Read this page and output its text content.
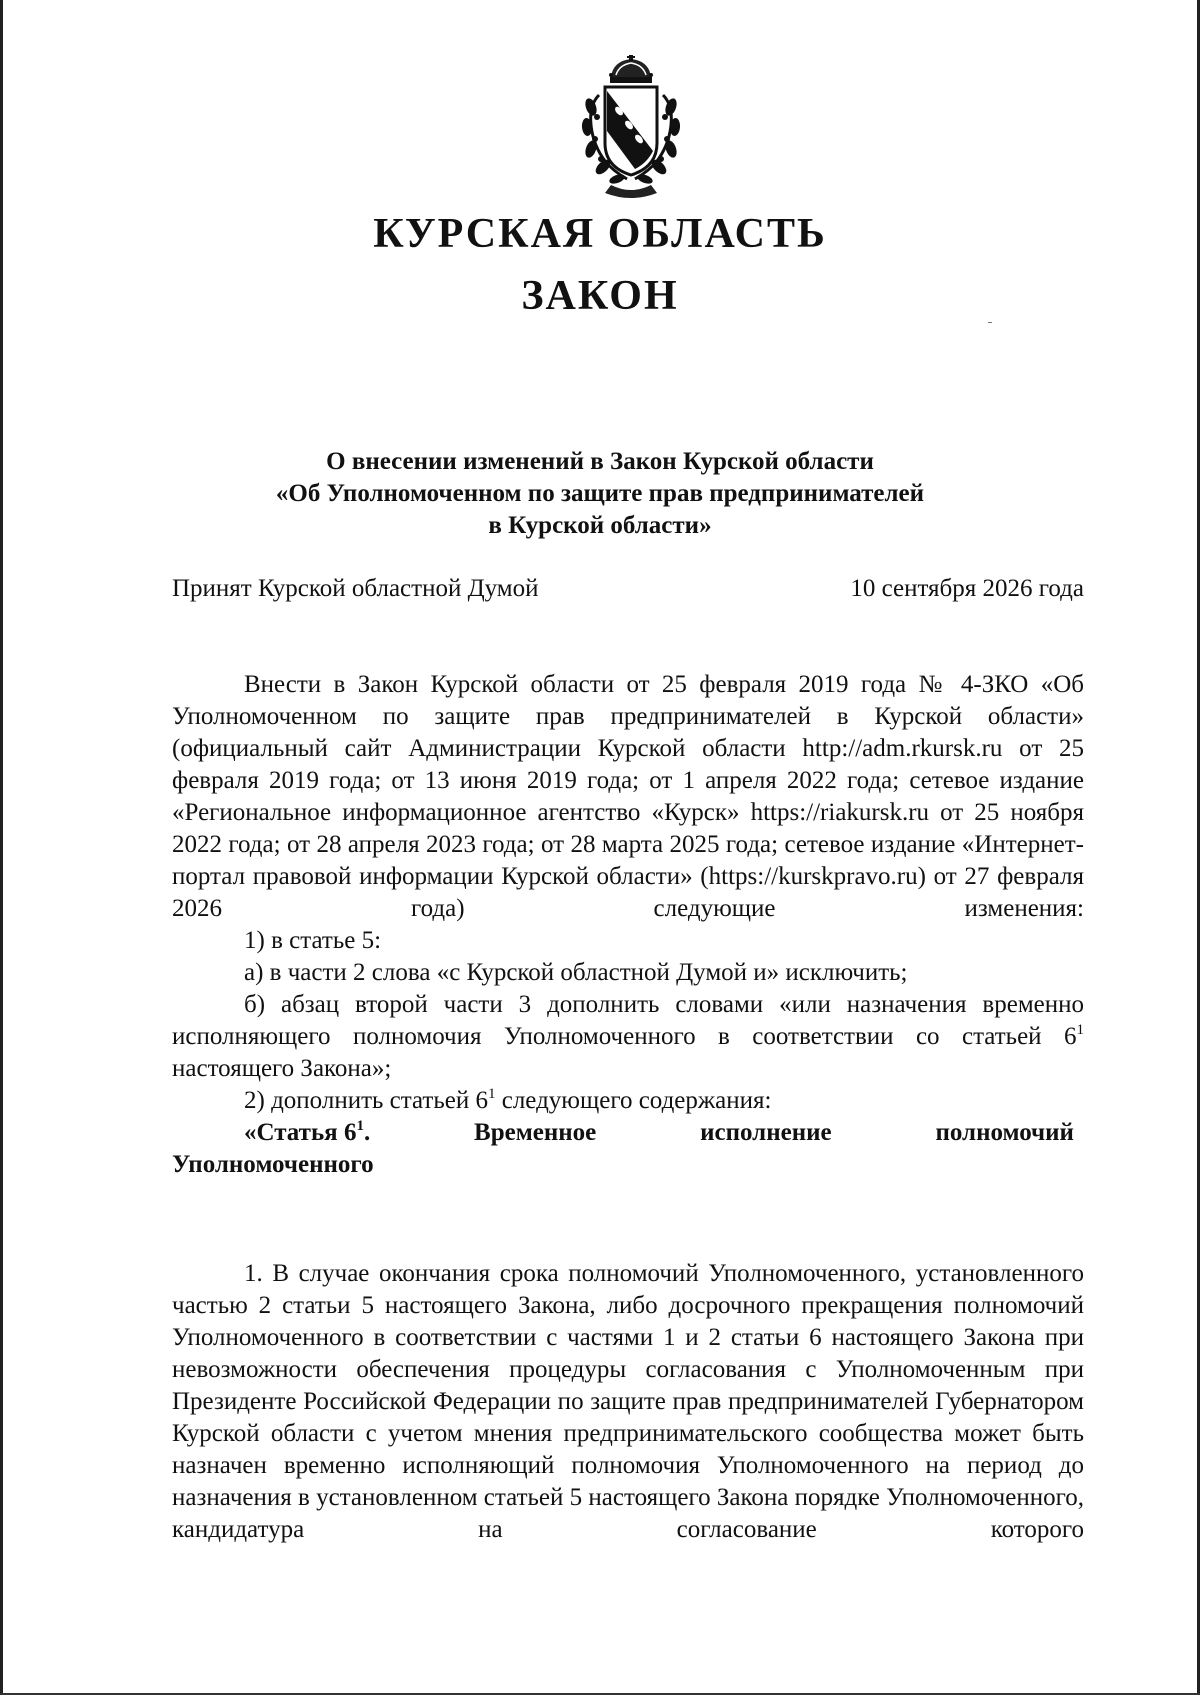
КУРСКАЯ ОБЛАСТЬ
ЗАКОН
О внесении изменений в Закон Курской области
«Об Уполномоченном по защите прав предпринимателей
в Курской области»
Принят Курской областной Думой	10 сентября 2026 года

Внести в Закон Курской области от 25 февраля 2019 года № 4-ЗКО «Об Уполномоченном по защите прав предпринимателей в Курской области» (официальный сайт Администрации Курской области http://adm.rkursk.ru от 25 февраля 2019 года; от 13 июня 2019 года; от 1 апреля 2022 года; сетевое издание «Региональное информационное агентство «Курск» https://riakursk.ru от 25 ноября 2022 года; от 28 апреля 2023 года; от 28 марта 2025 года; сетевое издание «Интернет-портал правовой информации Курской области» (https://kurskpravo.ru) от 27 февраля 2026 года) следующие изменения:

1) в статье 5:

а) в части 2 слова «с Курской областной Думой и» исключить;

б) абзац второй части 3 дополнить словами «или назначения временно исполняющего полномочия Уполномоченного в соответствии со статьей $6^1$ настоящего Закона»;

2) дополнить статьей $6^1$ следующего содержания:

«Статья $6^1$.	Временное	исполнение	полномочий
Уполномоченного

1. В случае окончания срока полномочий Уполномоченного, установленного частью 2 статьи 5 настоящего Закона, либо досрочного прекращения полномочий Уполномоченного в соответствии с частями 1 и 2 статьи 6 настоящего Закона при невозможности обеспечения процедуры согласования с Уполномоченным при Президенте Российской Федерации по защите прав предпринимателей Губернатором Курской области с учетом мнения предпринимательского сообщества может быть назначен временно исполняющий полномочия Уполномоченного на период до назначения в установленном статьей 5 настоящего Закона порядке Уполномоченного, кандидатура на согласование которого
